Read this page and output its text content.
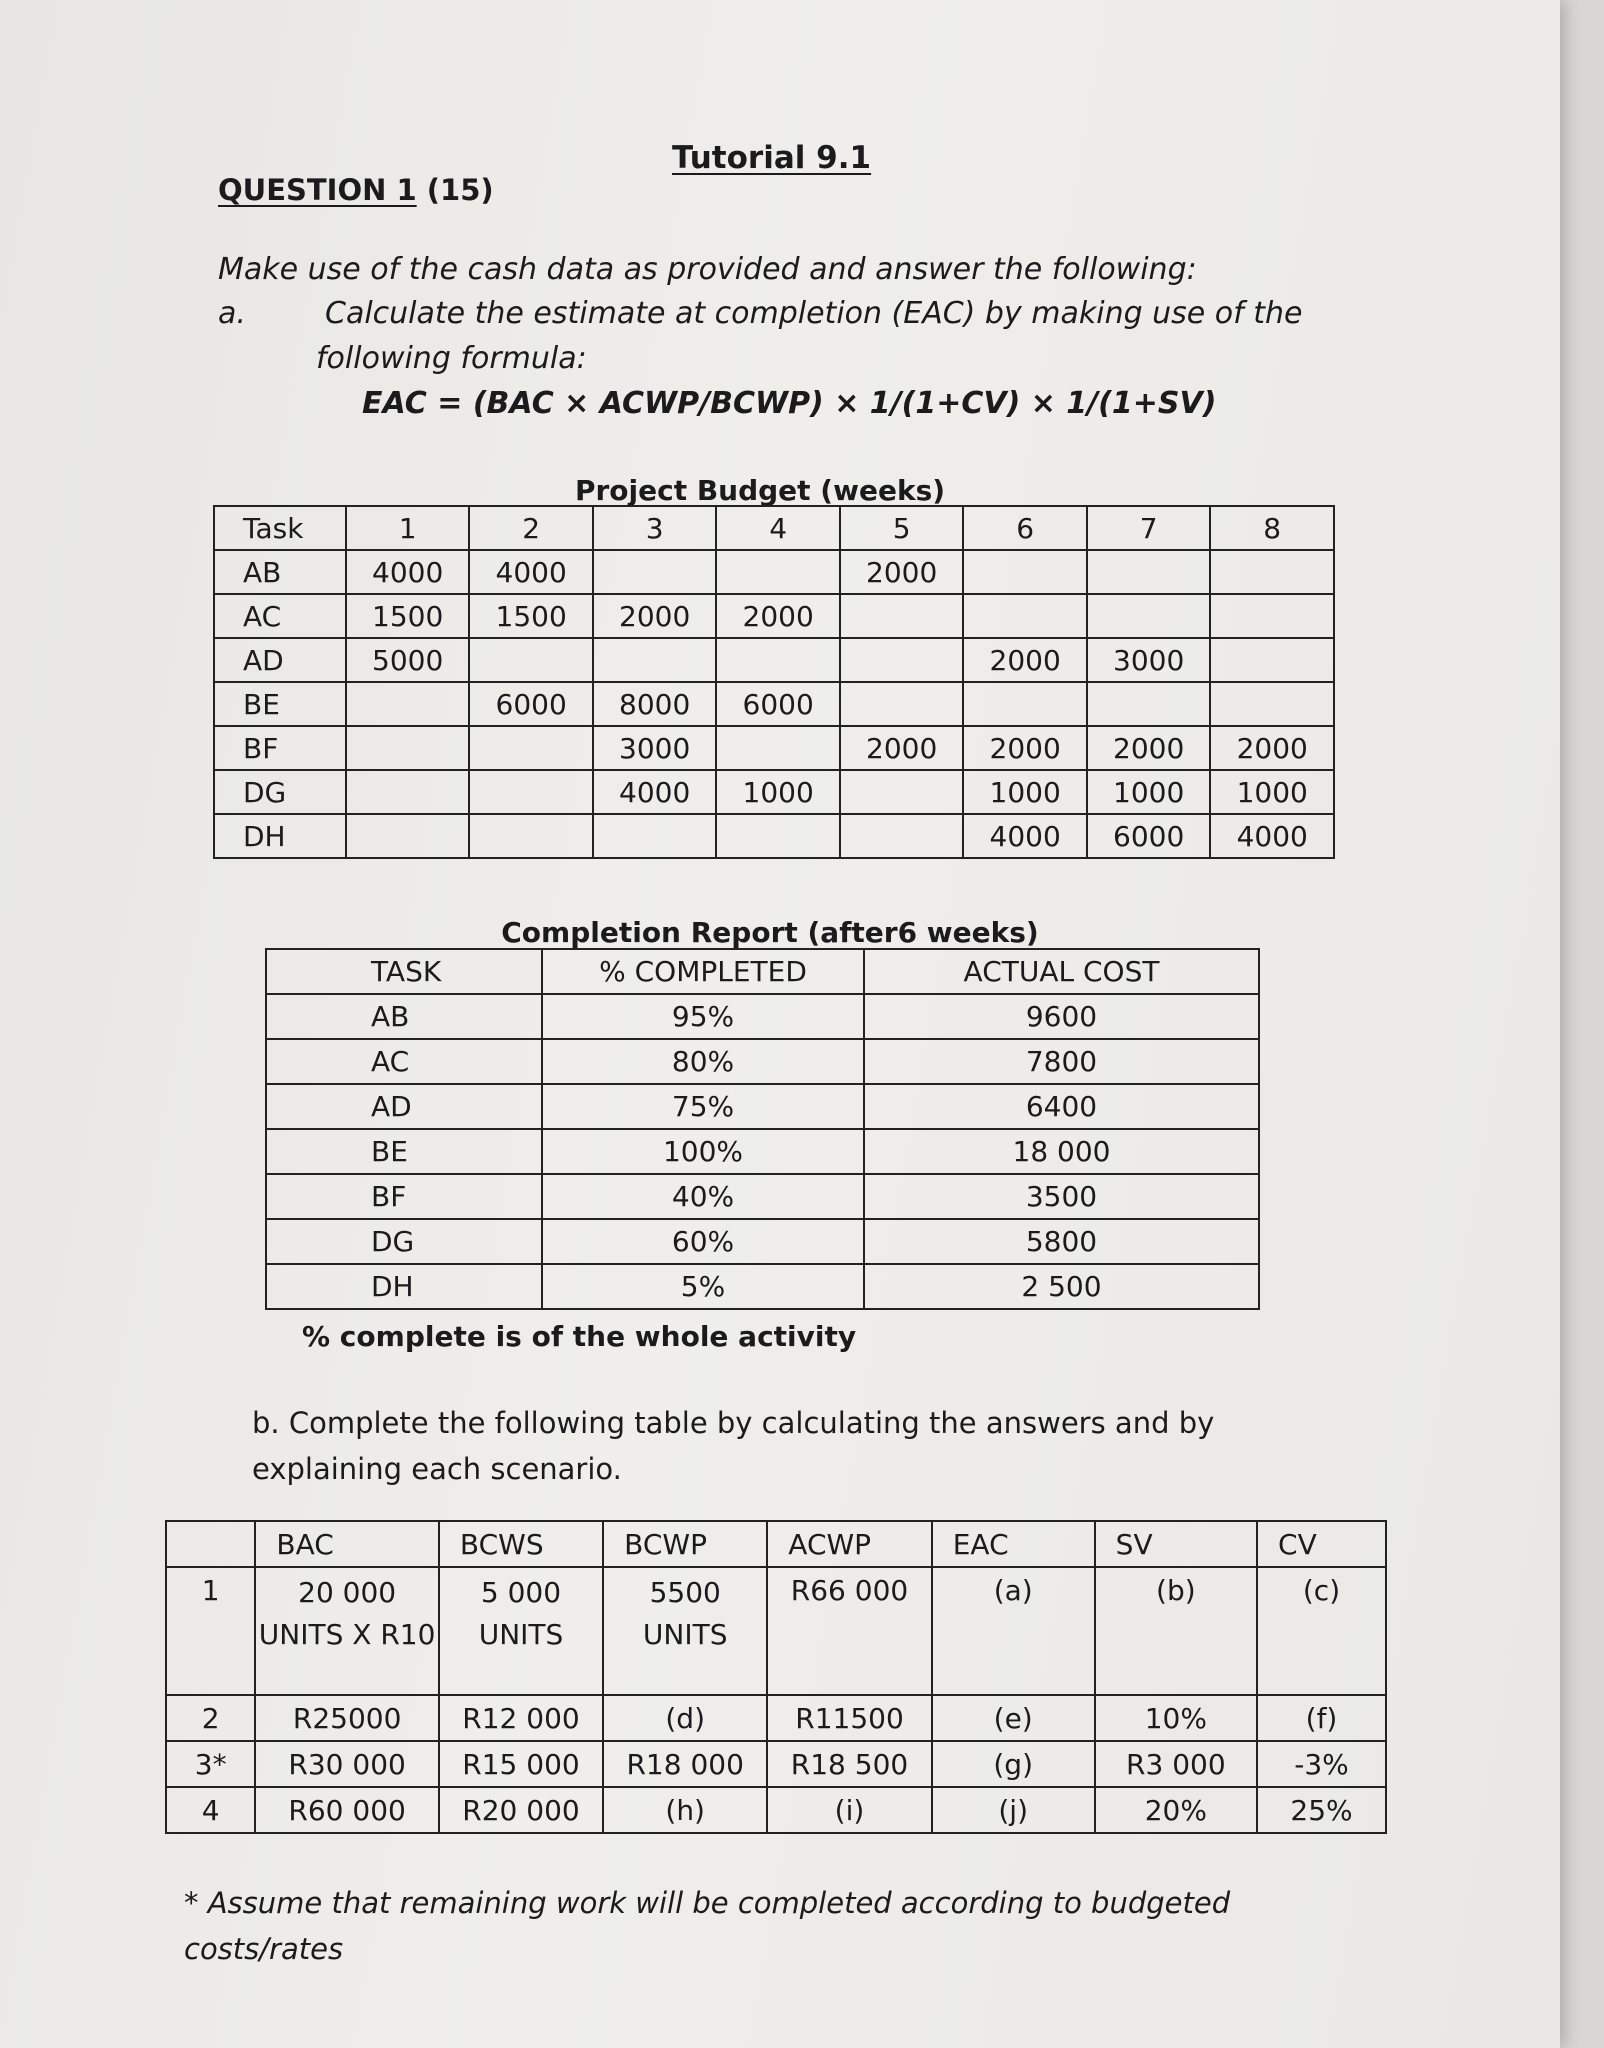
Tutorial 9.1
QUESTION 1 (15)
Make use of the cash data as provided and answer the following:
a.	Calculate the estimate at completion (EAC) by making use of the
following formula:
EAC = (BAC × ACWP/BCWP) × 1/(1+CV) × 1/(1+SV)
Project Budget (weeks)
Task	1	2	3	4	5	6	7	8
AB	4000	4000			2000			
AC	1500	1500	2000	2000				
AD	5000					2000	3000	
BE		6000	8000	6000				
BF			3000		2000	2000	2000	2000
DG			4000	1000		1000	1000	1000
DH						4000	6000	4000
Completion Report (after6 weeks)
TASK	% COMPLETED	ACTUAL COST
AB	95%	9600
AC	80%	7800
AD	75%	6400
BE	100%	18 000
BF	40%	3500
DG	60%	5800
DH	5%	2 500
% complete is of the whole activity
b. Complete the following table by calculating the answers and by explaining each scenario.
	BAC	BCWS	BCWP	ACWP	EAC	SV	CV
1	20 000 UNITS X R10	5 000 UNITS	5500 UNITS	R66 000	(a)	(b)	(c)
2	R25000	R12 000	(d)	R11500	(e)	10%	(f)
3*	R30 000	R15 000	R18 000	R18 500	(g)	R3 000	-3%
4	R60 000	R20 000	(h)	(i)	(j)	20%	25%
* Assume that remaining work will be completed according to budgeted costs/rates
